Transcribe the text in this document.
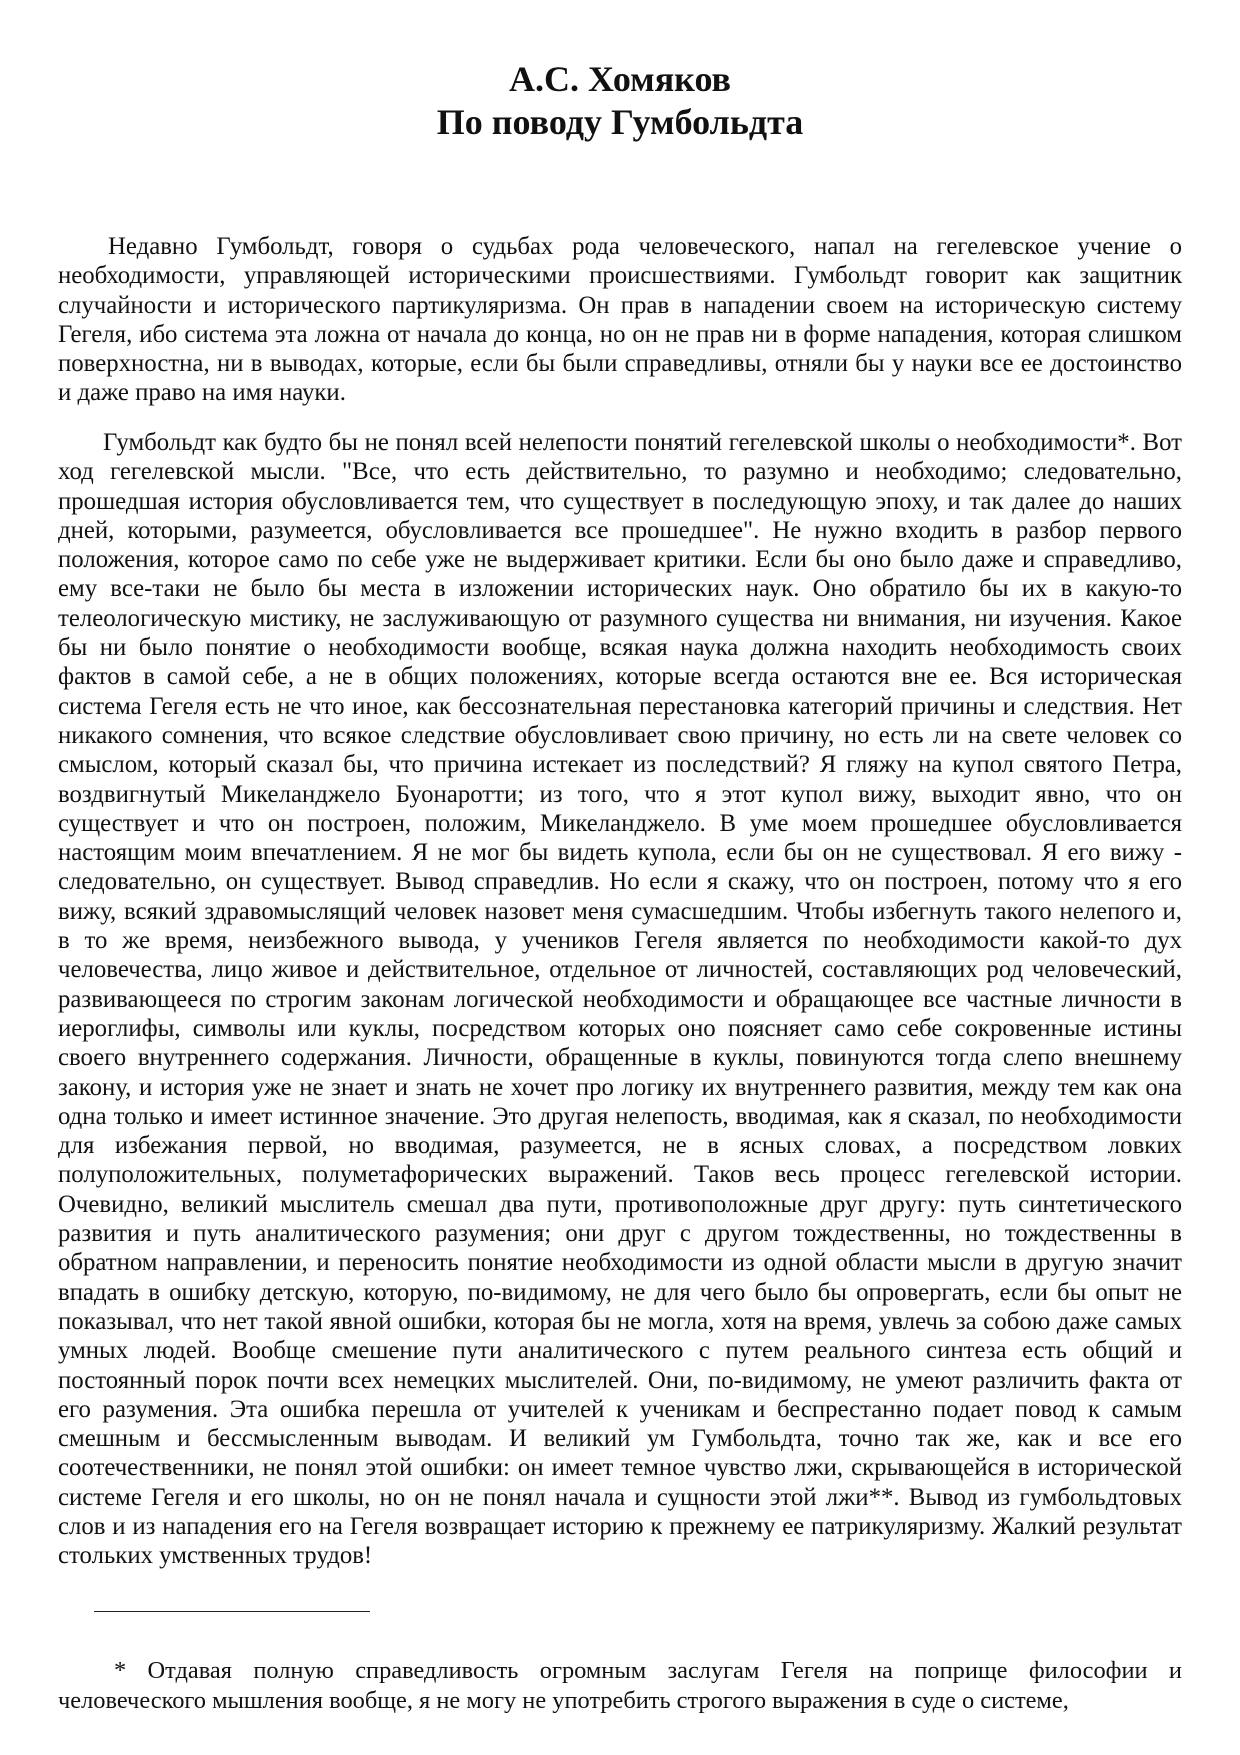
А.С. Хомяков
По поводу Гумбольдта

Недавно Гумбольдт, говоря о судьбах рода человеческого, напал на гегелевское учение о необходимости, управляющей историческими происшествиями. Гумбольдт говорит как защитник случайности и исторического партикуляризма. Он прав в нападении своем на историческую систему Гегеля, ибо система эта ложна от начала до конца, но он не прав ни в форме нападения, которая слишком поверхностна, ни в выводах, которые, если бы были справедливы, отняли бы у науки все ее достоинство и даже право на имя науки.

Гумбольдт как будто бы не понял всей нелепости понятий гегелевской школы о необходимости*. Вот ход гегелевской мысли. "Все, что есть действительно, то разумно и необходимо; следовательно, прошедшая история обусловливается тем, что существует в последующую эпоху, и так далее до наших дней, которыми, разумеется, обусловливается все прошедшее". Не нужно входить в разбор первого положения, которое само по себе уже не выдерживает критики. Если бы оно было даже и справедливо, ему все-таки не было бы места в изложении исторических наук. Оно обратило бы их в какую-то телеологическую мистику, не заслуживающую от разумного существа ни внимания, ни изучения. Какое бы ни было понятие о необходимости вообще, всякая наука должна находить необходимость своих фактов в самой себе, а не в общих положениях, которые всегда остаются вне ее. Вся историческая система Гегеля есть не что иное, как бессознательная перестановка категорий причины и следствия. Нет никакого сомнения, что всякое следствие обусловливает свою причину, но есть ли на свете человек со смыслом, который сказал бы, что причина истекает из последствий? Я гляжу на купол святого Петра, воздвигнутый Микеланджело Буонаротти; из того, что я этот купол вижу, выходит явно, что он существует и что он построен, положим, Микеланджело. В уме моем прошедшее обусловливается настоящим моим впечатлением. Я не мог бы видеть купола, если бы он не существовал. Я его вижу - следовательно, он существует. Вывод справедлив. Но если я скажу, что он построен, потому что я его вижу, всякий здравомыслящий человек назовет меня сумасшедшим. Чтобы избегнуть такого нелепого и, в то же время, неизбежного вывода, у учеников Гегеля является по необходимости какой-то дух человечества, лицо живое и действительное, отдельное от личностей, составляющих род человеческий, развивающееся по строгим законам логической необходимости и обращающее все частные личности в иероглифы, символы или куклы, посредством которых оно поясняет само себе сокровенные истины своего внутреннего содержания. Личности, обращенные в куклы, повинуются тогда слепо внешнему закону, и история уже не знает и знать не хочет про логику их внутреннего развития, между тем как она одна только и имеет истинное значение. Это другая нелепость, вводимая, как я сказал, по необходимости для избежания первой, но вводимая, разумеется, не в ясных словах, а посредством ловких полуположительных, полуметафорических выражений. Таков весь процесс гегелевской истории. Очевидно, великий мыслитель смешал два пути, противоположные друг другу: путь синтетического развития и путь аналитического разумения; они друг с другом тождественны, но тождественны в обратном направлении, и переносить понятие необходимости из одной области мысли в другую значит впадать в ошибку детскую, которую, по-видимому, не для чего было бы опровергать, если бы опыт не показывал, что нет такой явной ошибки, которая бы не могла, хотя на время, увлечь за собою даже самых умных людей. Вообще смешение пути аналитического с путем реального синтеза есть общий и постоянный порок почти всех немецких мыслителей. Они, по-видимому, не умеют различить факта от его разумения. Эта ошибка перешла от учителей к ученикам и беспрестанно подает повод к самым смешным и бессмысленным выводам. И великий ум Гумбольдта, точно так же, как и все его соотечественники, не понял этой ошибки: он имеет темное чувство лжи, скрывающейся в исторической системе Гегеля и его школы, но он не понял начала и сущности этой лжи**. Вывод из гумбольдтовых слов и из нападения его на Гегеля возвращает историю к прежнему ее патрикуляризму. Жалкий результат стольких умственных трудов!

* Отдавая полную справедливость огромным заслугам Гегеля на поприще философии и человеческого мышления вообще, я не могу не употребить строгого выражения в суде о системе,
